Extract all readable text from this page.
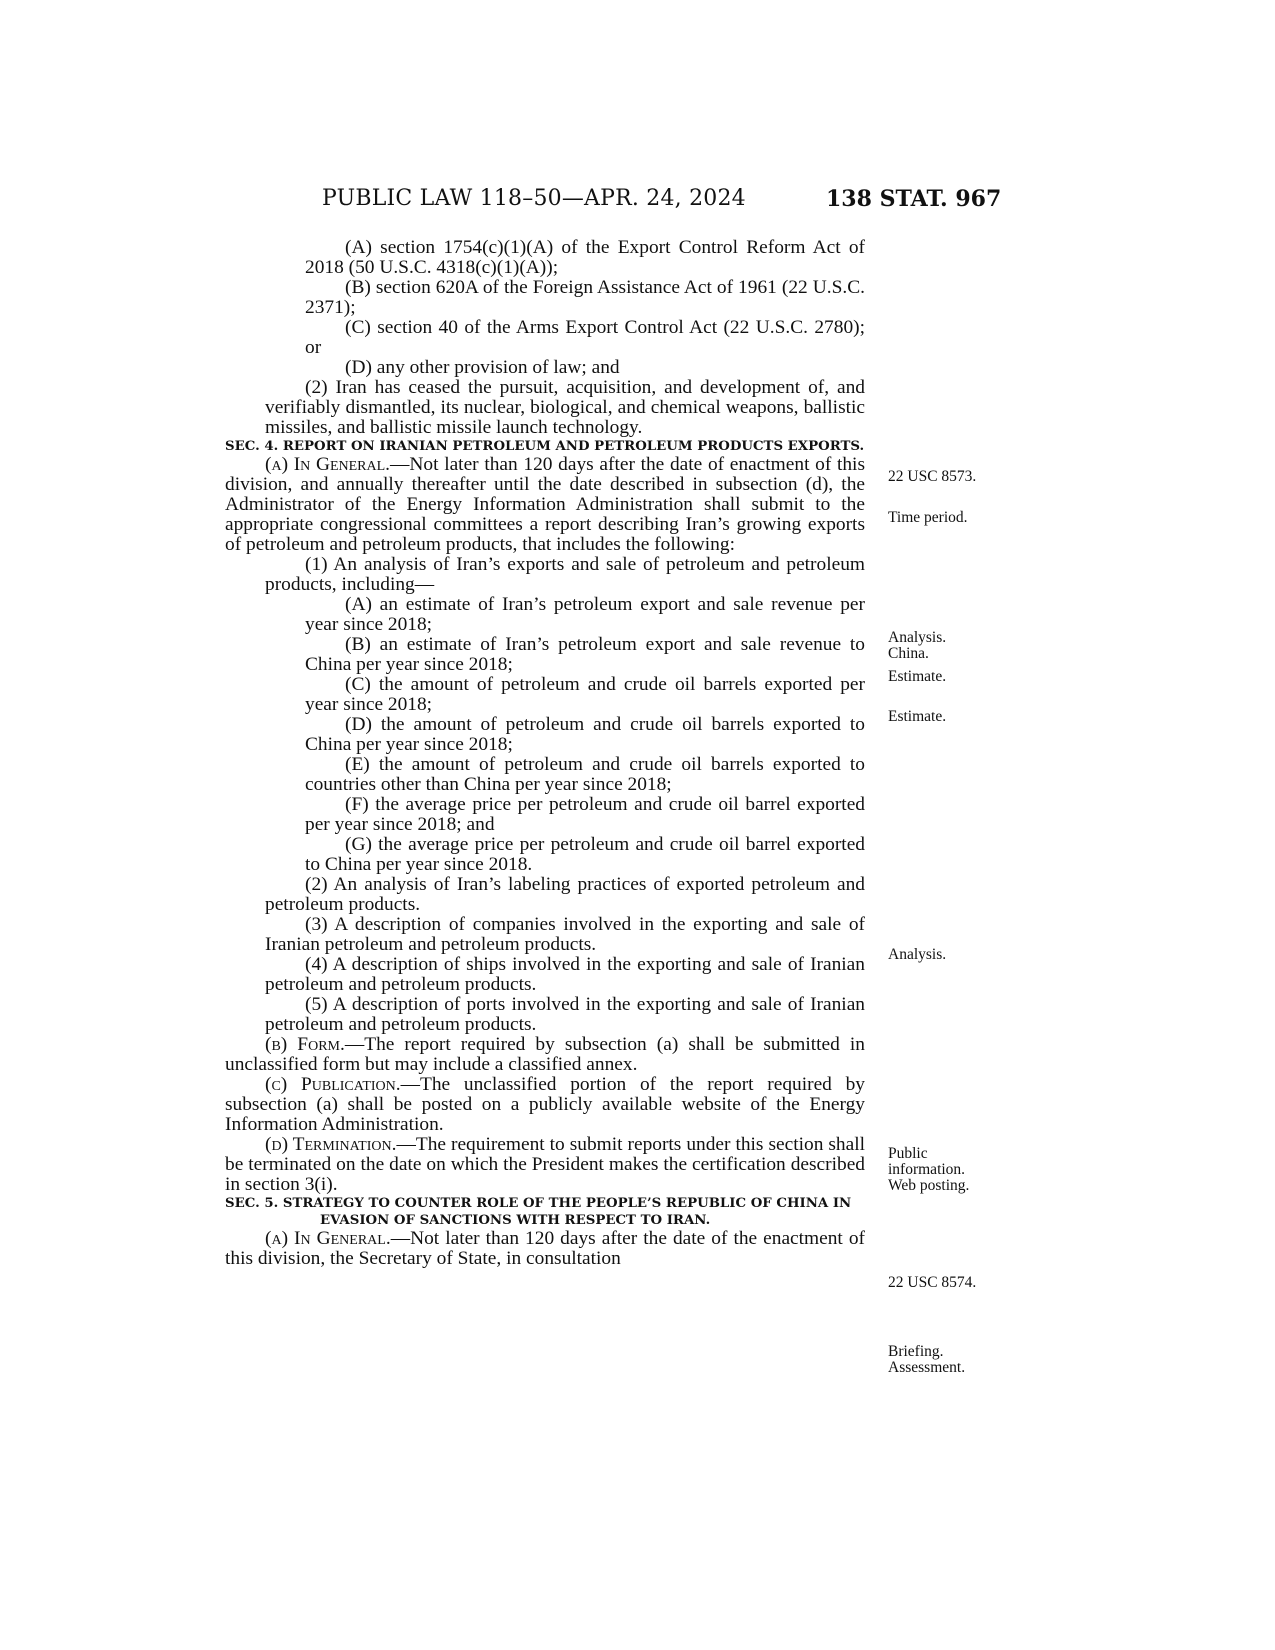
PUBLIC LAW 118–50—APR. 24, 2024	138 STAT. 967

(A) section 1754(c)(1)(A) of the Export Control Reform Act of 2018 (50 U.S.C. 4318(c)(1)(A));

(B) section 620A of the Foreign Assistance Act of 1961 (22 U.S.C. 2371);

(C) section 40 of the Arms Export Control Act (22 U.S.C. 2780); or

(D) any other provision of law; and

(2) Iran has ceased the pursuit, acquisition, and development of, and verifiably dismantled, its nuclear, biological, and chemical weapons, ballistic missiles, and ballistic missile launch technology.

SEC. 4. REPORT ON IRANIAN PETROLEUM AND PETROLEUM PRODUCTS EXPORTS.

(a) In General.—Not later than 120 days after the date of enactment of this division, and annually thereafter until the date described in subsection (d), the Administrator of the Energy Information Administration shall submit to the appropriate congressional committees a report describing Iran’s growing exports of petroleum and petroleum products, that includes the following:

(1) An analysis of Iran’s exports and sale of petroleum and petroleum products, including—

(A) an estimate of Iran’s petroleum export and sale revenue per year since 2018;

(B) an estimate of Iran’s petroleum export and sale revenue to China per year since 2018;

(C) the amount of petroleum and crude oil barrels exported per year since 2018;

(D) the amount of petroleum and crude oil barrels exported to China per year since 2018;

(E) the amount of petroleum and crude oil barrels exported to countries other than China per year since 2018;

(F) the average price per petroleum and crude oil barrel exported per year since 2018; and

(G) the average price per petroleum and crude oil barrel exported to China per year since 2018.

(2) An analysis of Iran’s labeling practices of exported petroleum and petroleum products.

(3) A description of companies involved in the exporting and sale of Iranian petroleum and petroleum products.

(4) A description of ships involved in the exporting and sale of Iranian petroleum and petroleum products.

(5) A description of ports involved in the exporting and sale of Iranian petroleum and petroleum products.

(b) Form.—The report required by subsection (a) shall be submitted in unclassified form but may include a classified annex.

(c) Publication.—The unclassified portion of the report required by subsection (a) shall be posted on a publicly available website of the Energy Information Administration.

(d) Termination.—The requirement to submit reports under this section shall be terminated on the date on which the President makes the certification described in section 3(i).

SEC. 5. STRATEGY TO COUNTER ROLE OF THE PEOPLE’S REPUBLIC OF CHINA IN EVASION OF SANCTIONS WITH RESPECT TO IRAN.

(a) In General.—Not later than 120 days after the date of the enactment of this division, the Secretary of State, in consultation

22 USC 8573.
Time period.
Analysis.
China.
Estimate.
Estimate.
Analysis.
Public
information.
Web posting.
22 USC 8574.
Briefing.
Assessment.
